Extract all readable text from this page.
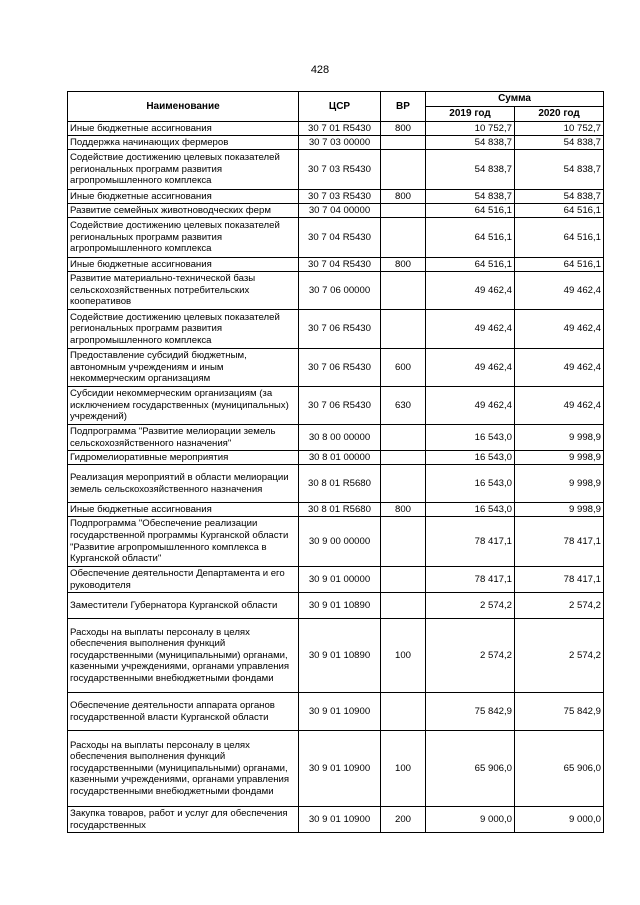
428
Наименование	ЦСР	ВР	Сумма	
			2019 год	2020 год
Иные бюджетные ассигнования	30 7 01 R5430	800	10 752,7	10 752,7
Поддержка начинающих фермеров	30 7 03 00000		54 838,7	54 838,7
Содействие достижению целевых показателей региональных программ развития агропромышленного комплекса	30 7 03 R5430		54 838,7	54 838,7
Иные бюджетные ассигнования	30 7 03 R5430	800	54 838,7	54 838,7
Развитие семейных животноводческих ферм	30 7 04 00000		64 516,1	64 516,1
Содействие достижению целевых показателей региональных программ развития агропромышленного комплекса	30 7 04 R5430		64 516,1	64 516,1
Иные бюджетные ассигнования	30 7 04 R5430	800	64 516,1	64 516,1
Развитие материально-технической базы сельскохозяйственных потребительских кооперативов	30 7 06 00000		49 462,4	49 462,4
Содействие достижению целевых показателей региональных программ развития агропромышленного комплекса	30 7 06 R5430		49 462,4	49 462,4
Предоставление субсидий бюджетным, автономным учреждениям и иным некоммерческим организациям	30 7 06 R5430	600	49 462,4	49 462,4
Субсидии некоммерческим организациям (за исключением государственных (муниципальных) учреждений)	30 7 06 R5430	630	49 462,4	49 462,4
Подпрограмма "Развитие мелиорации земель сельскохозяйственного назначения"	30 8 00 00000		16 543,0	9 998,9
Гидромелиоративные мероприятия	30 8 01 00000		16 543,0	9 998,9
Реализация мероприятий в области мелиорации земель сельскохозяйственного назначения	30 8 01 R5680		16 543,0	9 998,9
Иные бюджетные ассигнования	30 8 01 R5680	800	16 543,0	9 998,9
Подпрограмма "Обеспечение реализации государственной программы Курганской области "Развитие агропромышленного комплекса в Курганской области"	30 9 00 00000		78 417,1	78 417,1
Обеспечение деятельности Департамента и его руководителя	30 9 01 00000		78 417,1	78 417,1
Заместители Губернатора Курганской области	30 9 01 10890		2 574,2	2 574,2
Расходы на выплаты персоналу в целях обеспечения выполнения функций государственными (муниципальными) органами, казенными учреждениями, органами управления государственными внебюджетными фондами	30 9 01 10890	100	2 574,2	2 574,2
Обеспечение деятельности аппарата органов государственной власти Курганской области	30 9 01 10900		75 842,9	75 842,9
Расходы на выплаты персоналу в целях обеспечения выполнения функций государственными (муниципальными) органами, казенными учреждениями, органами управления государственными внебюджетными фондами	30 9 01 10900	100	65 906,0	65 906,0
Закупка товаров, работ и услуг для обеспечения государственных	30 9 01 10900	200	9 000,0	9 000,0
